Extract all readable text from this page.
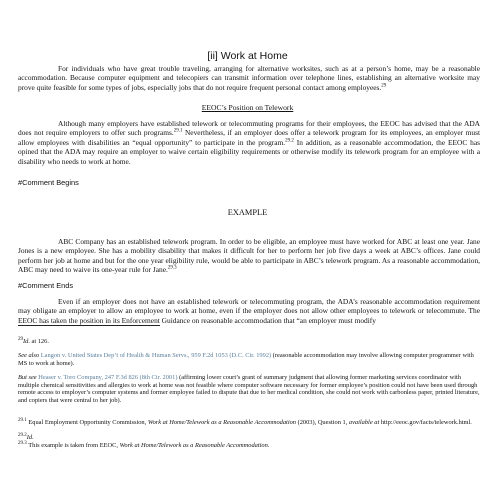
[ii] Work at Home

For individuals who have great trouble traveling, arranging for alternative worksites, such as at a person’s home, may be a reasonable accommodation. Because computer equipment and telecopiers can transmit information over telephone lines, establishing an alternative worksite may prove quite feasible for some types of jobs, especially jobs that do not require frequent personal contact among employees.$^{29}$

EEOC’s Position on Telework

Although many employers have established telework or telecommuting programs for their employees, the EEOC has advised that the ADA does not require employers to offer such programs.$^{29.1}$ Nevertheless, if an employer does offer a telework program for its employees, an employer must allow employees with disabilities an “equal opportunity” to participate in the program.$^{29.2}$ In addition, as a reasonable accommodation, the EEOC has opined that the ADA may require an employer to waive certain eligibility requirements or otherwise modify its telework program for an employee with a disability who needs to work at home.

#Comment Begins
EXAMPLE

ABC Company has an established telework program. In order to be eligible, an employee must have worked for ABC at least one year. Jane Jones is a new employee. She has a mobility disability that makes it difficult for her to perform her job five days a week at ABC’s offices. Jane could perform her job at home and but for the one year eligibility rule, would be able to participate in ABC’s telework program. As a reasonable accommodation, ABC may need to waive its one-year rule for Jane.$^{29.3}$

#Comment Ends

Even if an employer does not have an established telework or telecommuting program, the ADA’s reasonable accommodation requirement may obligate an employer to allow an employee to work at home, even if the employer does not allow other employees to telework or telecommute. The EEOC has taken the position in its Enforcement Guidance on reasonable accommodation that “an employer must modify

$^{29}$Id. at 126.

See also Langon v. United States Dep’t of Health & Human Servs., 959 F.2d 1053 (D.C. Cir. 1992) (reasonable accommodation may involve allowing computer programmer with MS to work at home).

But see Heaser v. Toro Company, 247 F.3d 826 (8th Cir. 2001) (affirming lower court’s grant of summary judgment that allowing former marketing services coordinator with multiple chemical sensitivities and allergies to work at home was not feasible where computer software necessary for former employee’s position could not have been used through remote access to employer’s computer systems and former employee failed to dispute that due to her medical condition, she could not work with carbonless paper, printed literature, and copiers that were central to her job).

$^{29.1}$ Equal Employment Opportunity Commission, Work at Home/Telework as a Reasonable Accommodation (2003), Question 1, available at http://eeoc.gov/facts/telework.html.

$^{29.2}$Id.

$^{29.3}$ This example is taken from EEOC, Work at Home/Telework as a Reasonable Accommodation.
